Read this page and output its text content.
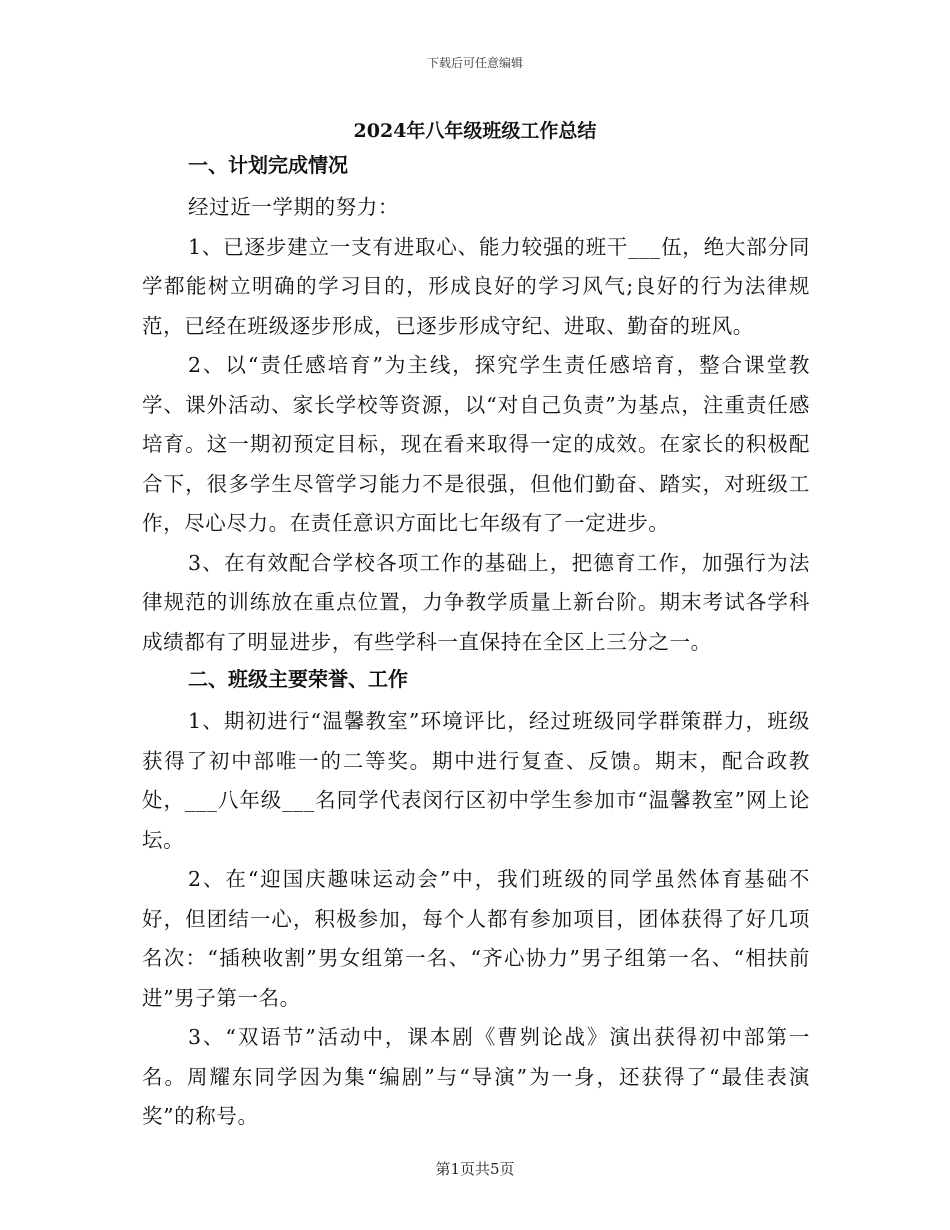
下载后可任意编辑
2024年八年级班级工作总结
一、计划完成情况
经过近一学期的努力：
1、已逐步建立一支有进取心、能力较强的班干___伍，绝大部分同学都能树立明确的学习目的，形成良好的学习风气;良好的行为法律规范，已经在班级逐步形成，已逐步形成守纪、进取、勤奋的班风。
2、以“责任感培育”为主线，探究学生责任感培育，整合课堂教学、课外活动、家长学校等资源，以“对自己负责”为基点，注重责任感培育。这一期初预定目标，现在看来取得一定的成效。在家长的积极配合下，很多学生尽管学习能力不是很强，但他们勤奋、踏实，对班级工作，尽心尽力。在责任意识方面比七年级有了一定进步。
3、在有效配合学校各项工作的基础上，把德育工作，加强行为法律规范的训练放在重点位置，力争教学质量上新台阶。期末考试各学科成绩都有了明显进步，有些学科一直保持在全区上三分之一。
二、班级主要荣誉、工作
1、期初进行“温馨教室”环境评比，经过班级同学群策群力，班级获得了初中部唯一的二等奖。期中进行复查、反馈。期末，配合政教处，___八年级___名同学代表闵行区初中学生参加市“温馨教室”网上论坛。
2、在“迎国庆趣味运动会”中，我们班级的同学虽然体育基础不好，但团结一心，积极参加，每个人都有参加项目，团体获得了好几项名次：“插秧收割”男女组第一名、“齐心协力”男子组第一名、“相扶前进”男子第一名。
3、“双语节”活动中，课本剧《曹刿论战》演出获得初中部第一名。周耀东同学因为集“编剧”与“导演”为一身，还获得了“最佳表演奖”的称号。
第1页共5页
